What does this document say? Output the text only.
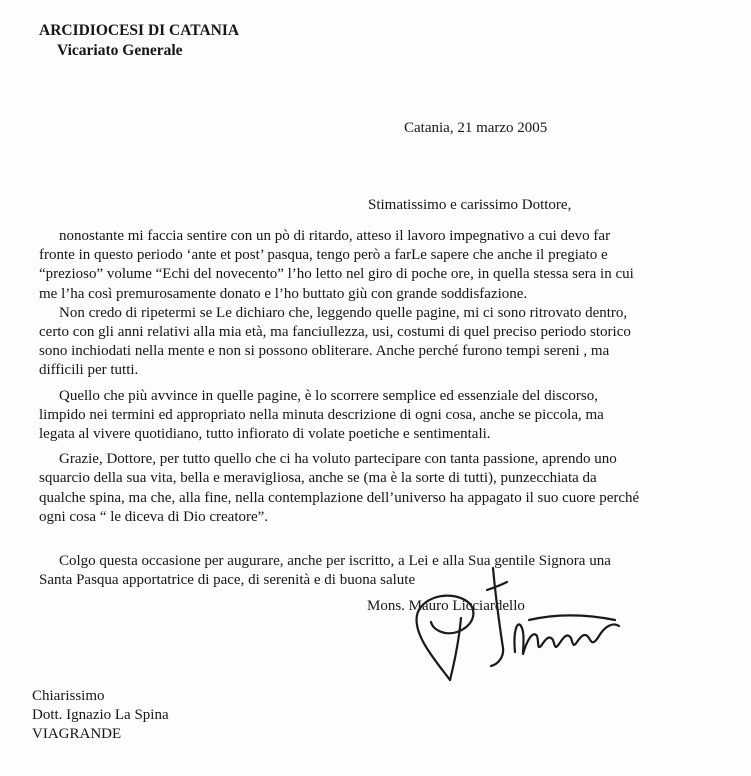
ARCIDIOCESI DI CATANIA
Vicariato Generale
Catania, 21 marzo 2005
Stimatissimo e carissimo Dottore,
nonostante mi faccia sentire con un pò di ritardo, atteso il lavoro impegnativo a cui devo far
fronte in questo periodo ‘ante et post’ pasqua, tengo però a farLe sapere che anche il pregiato e
“prezioso” volume “Echi del novecento” l’ho letto nel giro di poche ore, in quella stessa sera in cui
me l’ha così premurosamente donato e l’ho buttato giù con grande soddisfazione.
Non credo di ripetermi se Le dichiaro che, leggendo quelle pagine, mi ci sono ritrovato dentro,
certo con gli anni relativi alla mia età, ma fanciullezza, usi, costumi di quel preciso periodo storico
sono inchiodati nella mente e non si possono obliterare. Anche perché furono tempi sereni , ma
difficili per tutti.
Quello che più avvince in quelle pagine, è lo scorrere semplice ed essenziale del discorso,
limpido nei termini ed appropriato nella minuta descrizione di ogni cosa, anche se piccola, ma
legata al vivere quotidiano, tutto infiorato di volate poetiche e sentimentali.
Grazie, Dottore, per tutto quello che ci ha voluto partecipare con tanta passione, aprendo uno
squarcio della sua vita, bella e meravigliosa, anche se (ma è la sorte di tutti), punzecchiata da
qualche spina, ma che, alla fine, nella contemplazione dell’universo ha appagato il suo cuore perché
ogni cosa “ le diceva di Dio creatore”.
Colgo questa occasione per augurare, anche per iscritto, a Lei e alla Sua gentile Signora una
Santa Pasqua apportatrice di pace, di serenità e di buona salute
Mons. Mauro Licciardello
Chiarissimo
Dott. Ignazio La Spina
VIAGRANDE
